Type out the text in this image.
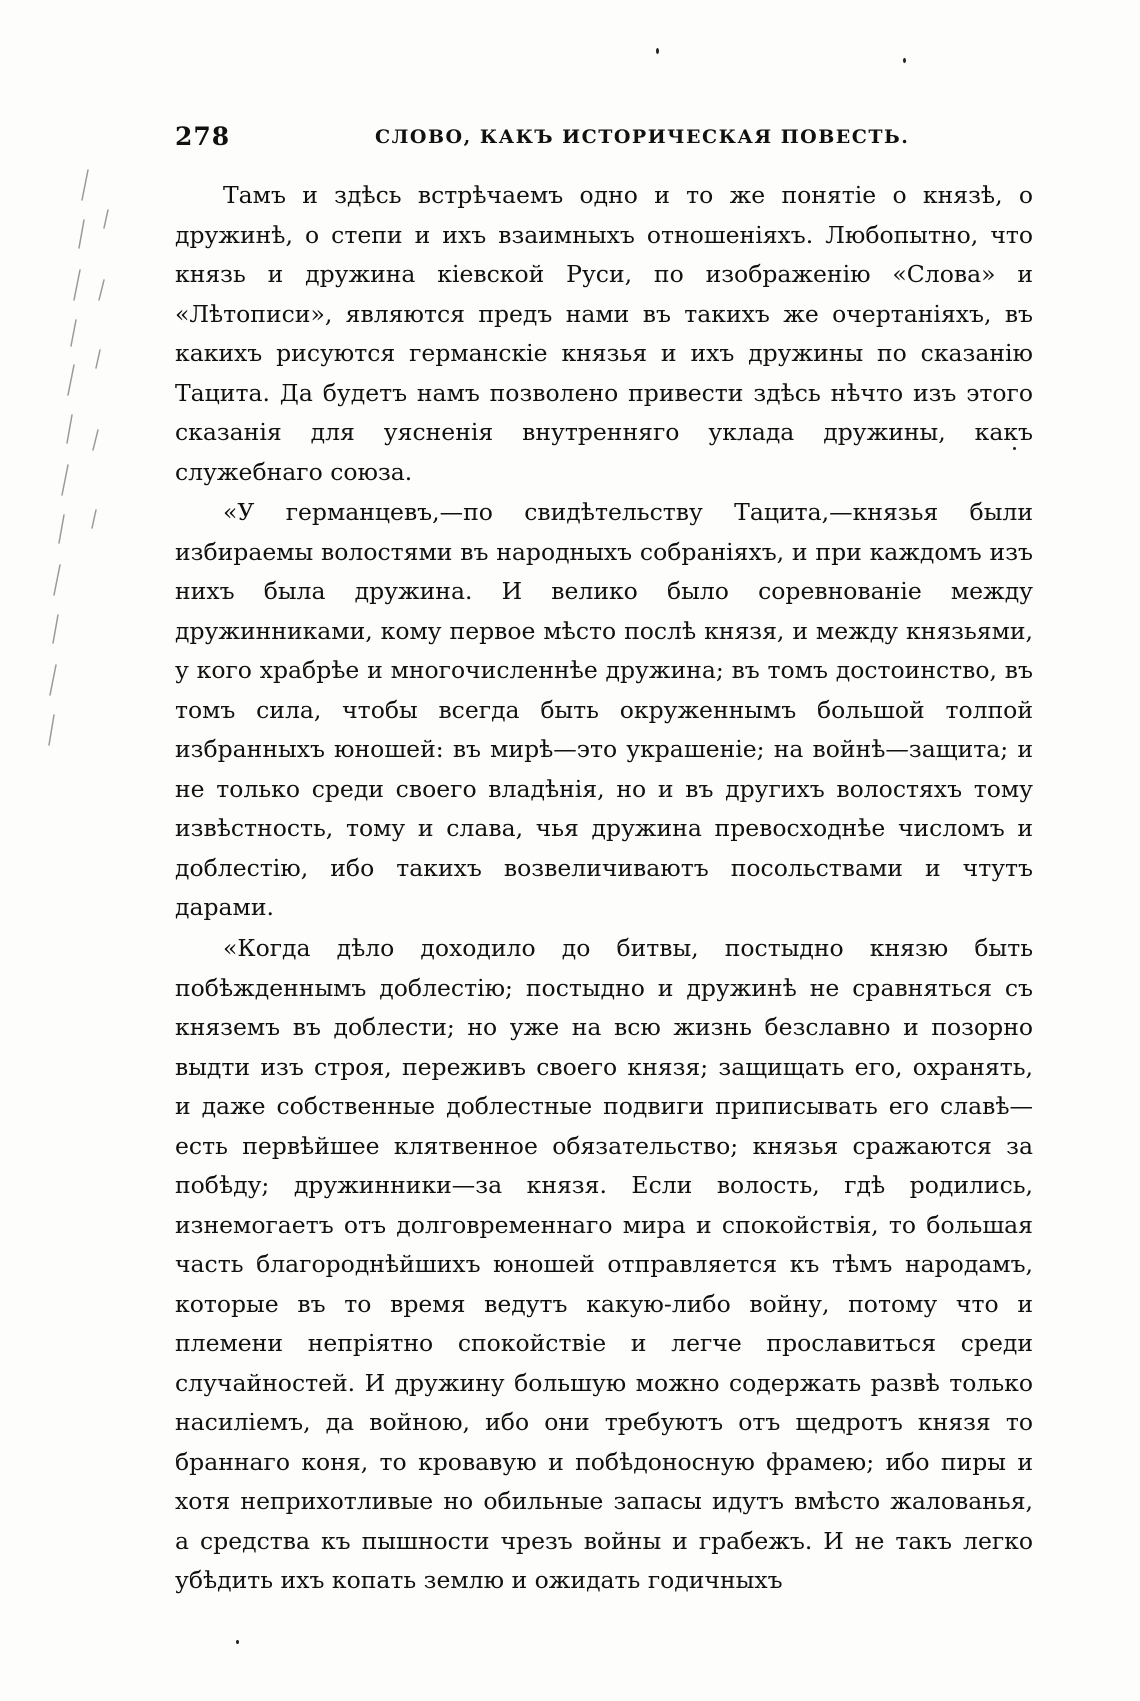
278	СЛОВО, КАКЪ ИСТОРИЧЕСКАЯ ПОВЕСТЬ.

Тамъ и здѣсь встрѣчаемъ одно и то же понятіе о князѣ, о дружинѣ, о степи и ихъ взаимныхъ отношеніяхъ. Любопытно, что князь и дружина кіевской Руси, по изображенію «Слова» и «Лѣтописи», являются предъ нами въ такихъ же очертаніяхъ, въ какихъ рисуются германскіе князья и ихъ дружины по сказанію Тацита. Да будетъ намъ позволено привести здѣсь нѣчто изъ этого сказанія для уясненія внутренняго уклада дружины, какъ служебнаго союза.

«У германцевъ,—по свидѣтельству Тацита,—князья были избираемы волостями въ народныхъ собраніяхъ, и при каждомъ изъ нихъ была дружина. И велико было соревнованіе между дружинниками, кому первое мѣсто послѣ князя, и между князьями, у кого храбрѣе и многочисленнѣе дружина; въ томъ достоинство, въ томъ сила, чтобы всегда быть окруженнымъ большой толпой избранныхъ юношей: въ мирѣ—это украшеніе; на войнѣ—защита; и не только среди своего владѣнія, но и въ другихъ волостяхъ тому извѣстность, тому и слава, чья дружина превосходнѣе числомъ и доблестію, ибо такихъ возвеличиваютъ посольствами и чтутъ дарами.

«Когда дѣло доходило до битвы, постыдно князю быть побѣжденнымъ доблестію; постыдно и дружинѣ не сравняться съ княземъ въ доблести; но уже на всю жизнь безславно и позорно выдти изъ строя, переживъ своего князя; защищать его, охранять, и даже собственные доблестные подвиги приписывать его славѣ—есть первѣйшее клятвенное обязательство; князья сражаются за побѣду; дружинники—за князя. Если волость, гдѣ родились, изнемогаетъ отъ долговременнаго мира и спокойствія, то большая часть благороднѣйшихъ юношей отправляется къ тѣмъ народамъ, которые въ то время ведутъ какую-либо войну, потому что и племени непріятно спокойствіе и легче прославиться среди случайностей. И дружину большую можно содержать развѣ только насиліемъ, да войною, ибо они требуютъ отъ щедротъ князя то браннаго коня, то кровавую и побѣдоносную фрамею; ибо пиры и хотя неприхотливые но обильные запасы идутъ вмѣсто жалованья, а средства къ пышности чрезъ войны и грабежъ. И не такъ легко убѣдить ихъ копать землю и ожидать годичныхъ
